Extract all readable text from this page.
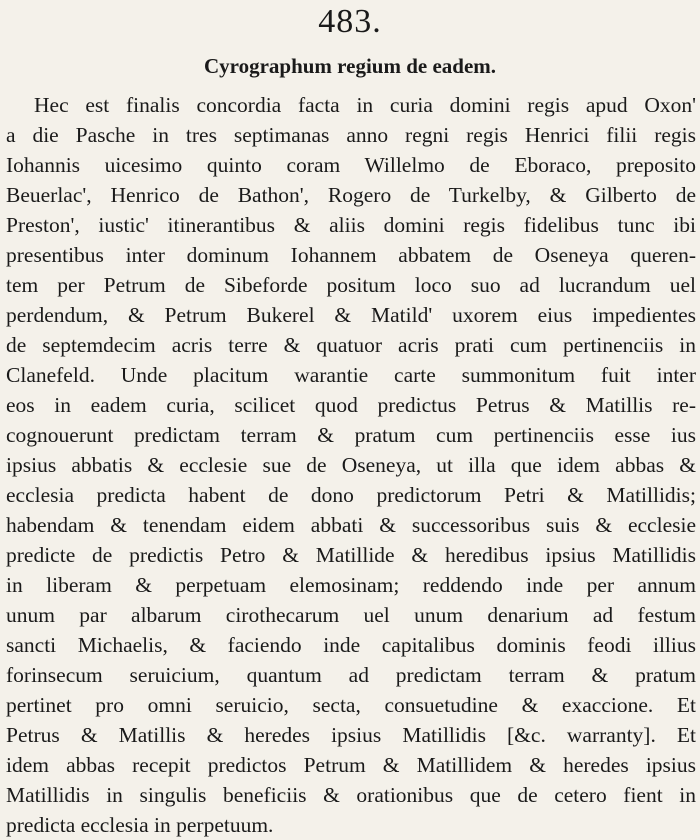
483.
Cyrographum regium de eadem.
Hec est finalis concordia facta in curia domini regis apud Oxon'
a die Pasche in tres septimanas anno regni regis Henrici filii regis
Iohannis uicesimo quinto coram Willelmo de Eboraco, preposito
Beuerlac', Henrico de Bathon', Rogero de Turkelby, & Gilberto de
Preston', iustic' itinerantibus & aliis domini regis fidelibus tunc ibi
presentibus inter dominum Iohannem abbatem de Oseneya queren-
tem per Petrum de Sibeforde positum loco suo ad lucrandum uel
perdendum, & Petrum Bukerel & Matild' uxorem eius impedientes
de septemdecim acris terre & quatuor acris prati cum pertinenciis in
Clanefeld. Unde placitum warantie carte summonitum fuit inter
eos in eadem curia, scilicet quod predictus Petrus & Matillis re-
cognouerunt predictam terram & pratum cum pertinenciis esse ius
ipsius abbatis & ecclesie sue de Oseneya, ut illa que idem abbas &
ecclesia predicta habent de dono predictorum Petri & Matillidis;
habendam & tenendam eidem abbati & successoribus suis & ecclesie
predicte de predictis Petro & Matillide & heredibus ipsius Matillidis
in liberam & perpetuam elemosinam; reddendo inde per annum
unum par albarum cirothecarum uel unum denarium ad festum
sancti Michaelis, & faciendo inde capitalibus dominis feodi illius
forinsecum seruicium, quantum ad predictam terram & pratum
pertinet pro omni seruicio, secta, consuetudine & exaccione. Et
Petrus & Matillis & heredes ipsius Matillidis [&c. warranty]. Et
idem abbas recepit predictos Petrum & Matillidem & heredes ipsius
Matillidis in singulis beneficiis & orationibus que de cetero fient in
predicta ecclesia in perpetuum.
